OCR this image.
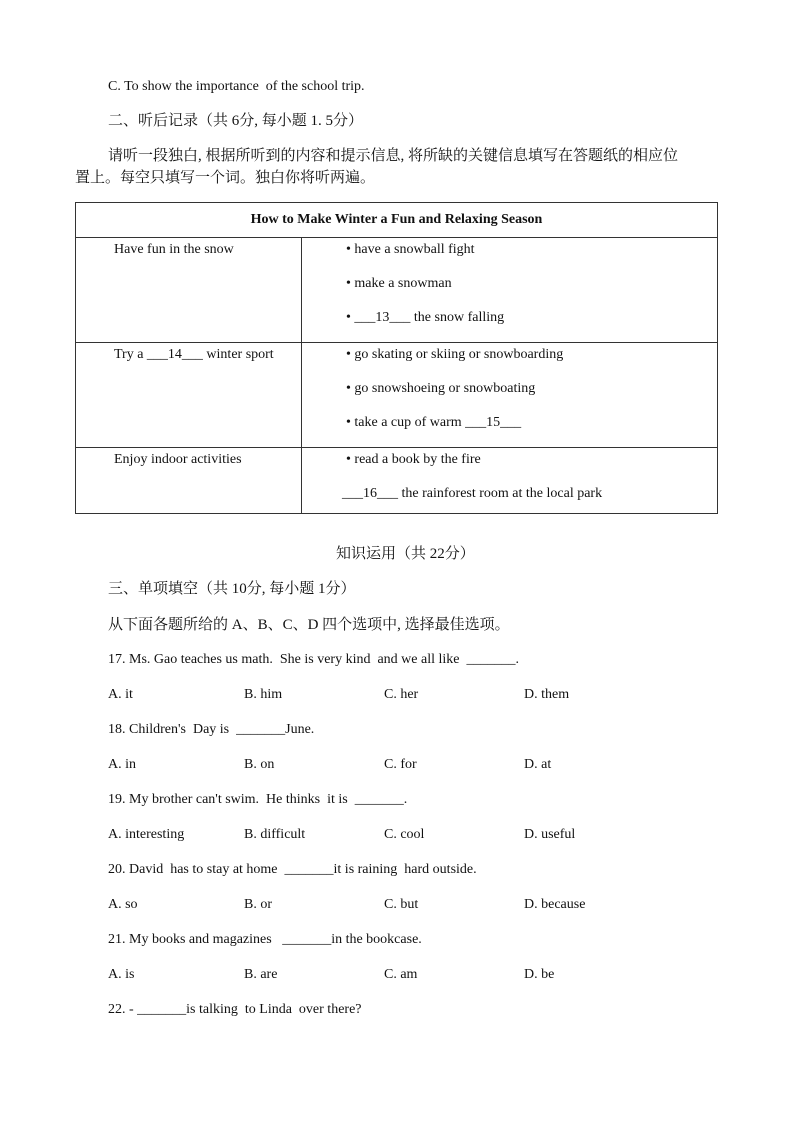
C. To show the importance  of the school trip.
二、听后记录（共 6分, 每小题 1. 5分）
请听一段独白, 根据所听到的内容和提示信息, 将所缺的关键信息填写在答题纸的相应位
置上。每空只填写一个词。独白你将听两遍。
How to Make Winter a Fun and Relaxing Season	
Have fun in the snow	• have a snowball fight
• make a snowman
• ___13___ the snow falling

Try a ___14___ winter sport	• go skating or skiing or snowboarding
• go snowshoeing or snowboating
• take a cup of warm ___15___

Enjoy indoor activities	• read a book by the fire
___16___ the rainforest room at the local park
知识运用（共 22分）
三、单项填空（共 10分, 每小题 1分）
从下面各题所给的 A、B、C、D 四个选项中, 选择最佳选项。
17. Ms. Gao teaches us math.  She is very kind  and we all like  _______.
A. it	B. him	C. her	D. them
18. Children's  Day is  _______June.
A. in	B. on	C. for	D. at
19. My brother can't swim.  He thinks  it is  _______.
A. interesting	B. difficult	C. cool	D. useful
20. David  has to stay at home  _______it is raining  hard outside.
A. so	B. or	C. but	D. because
21. My books and magazines   _______in the bookcase.
A. is	B. are	C. am	D. be
22. - _______is talking  to Linda  over there?
